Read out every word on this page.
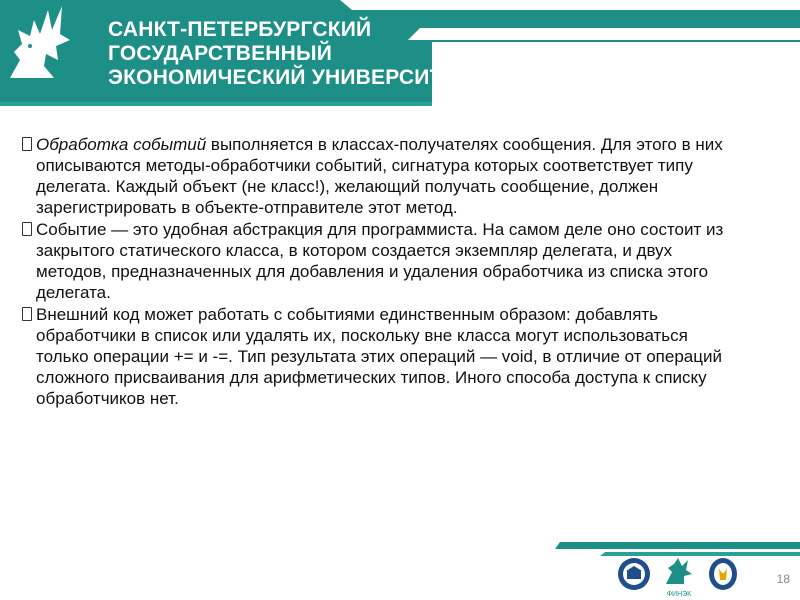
САНКТ-ПЕТЕРБУРГСКИЙ
ГОСУДАРСТВЕННЫЙ
ЭКОНОМИЧЕСКИЙ УНИВЕРСИТЕТ
Обработка событий выполняется в классах-получателях сообщения. Для этого в них описываются методы-обработчики событий, сигнатура которых соответствует типу делегата. Каждый объект (не класс!), желающий получать сообщение, должен зарегистрировать в объекте-отправителе этот метод.
Событие — это удобная абстракция для программиста. На самом деле оно состоит из закрытого статического класса, в котором создается экземпляр делегата, и двух методов, предназначенных для добавления и удаления обработчика из списка этого делегата.
Внешний код может работать с событиями единственным образом: добавлять обработчики в список или удалять их, поскольку вне класса могут использоваться только операции += и -=. Тип результата этих операций — void, в отличие от операций сложного присваивания для арифметических типов. Иного способа доступа к списку обработчиков нет.
ФИНЭК
18
